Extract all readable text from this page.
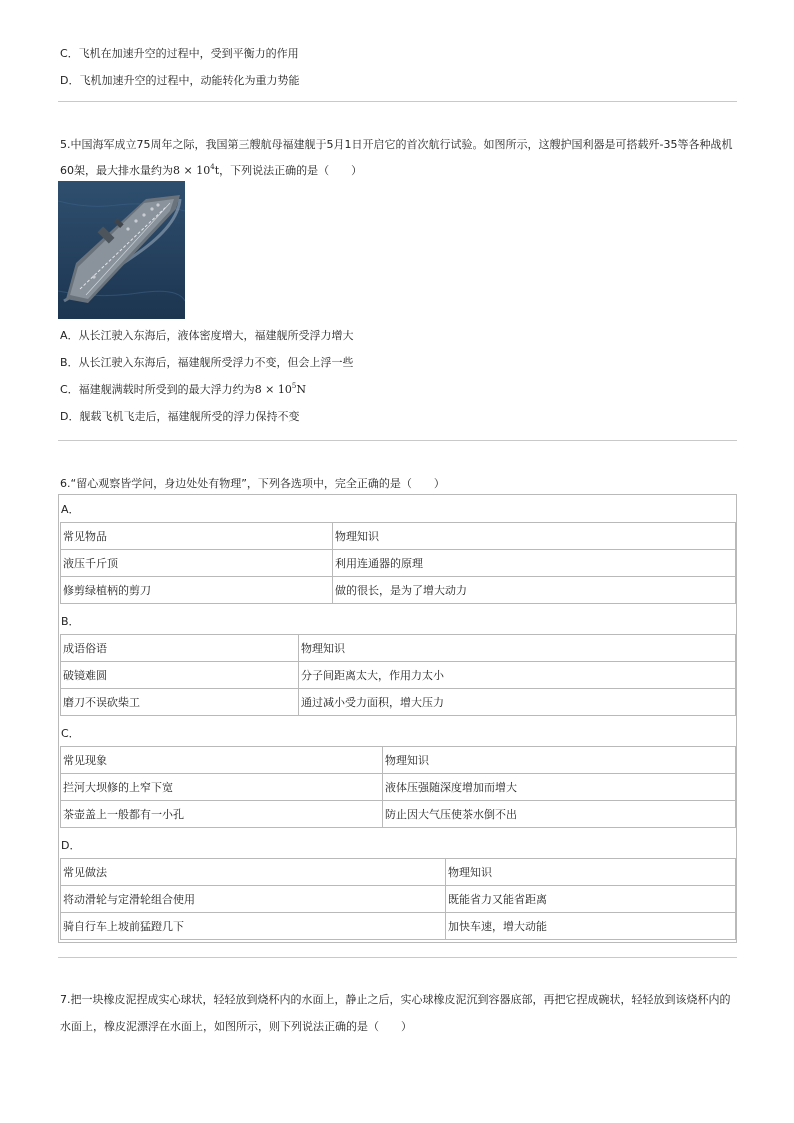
C．飞机在加速升空的过程中，受到平衡力的作用
D．飞机加速升空的过程中，动能转化为重力势能
5.中国海军成立75周年之际，我国第三艘航母福建舰于5月1日开启它的首次航行试验。如图所示，这艘护国利器是可搭载歼-35等各种战机
60架，最大排水量约为$8 \times 10^4t$，下列说法正确的是（　　）
A．从长江驶入东海后，液体密度增大，福建舰所受浮力增大
B．从长江驶入东海后，福建舰所受浮力不变，但会上浮一些
C．福建舰满载时所受到的最大浮力约为$8 \times 10^5N$
D．舰载飞机飞走后，福建舰所受的浮力保持不变
6.“留心观察皆学问，身边处处有物理”，下列各选项中，完全正确的是（　　）
A．
常见物品	物理知识
液压千斤顶	利用连通器的原理
修剪绿植柄的剪刀	做的很长，是为了增大动力
B．
成语俗语	物理知识
破镜难圆	分子间距离太大，作用力太小
磨刀不误砍柴工	通过减小受力面积，增大压力
C．
常见现象	物理知识
拦河大坝修的上窄下宽	液体压强随深度增加而增大
茶壶盖上一般都有一小孔	防止因大气压使茶水倒不出
D．
常见做法	物理知识
将动滑轮与定滑轮组合使用	既能省力又能省距离
骑自行车上坡前猛蹬几下	加快车速，增大动能
7.把一块橡皮泥捏成实心球状，轻轻放到烧杯内的水面上，静止之后，实心球橡皮泥沉到容器底部，再把它捏成碗状，轻轻放到该烧杯内的
水面上，橡皮泥漂浮在水面上，如图所示，则下列说法正确的是（　　）
